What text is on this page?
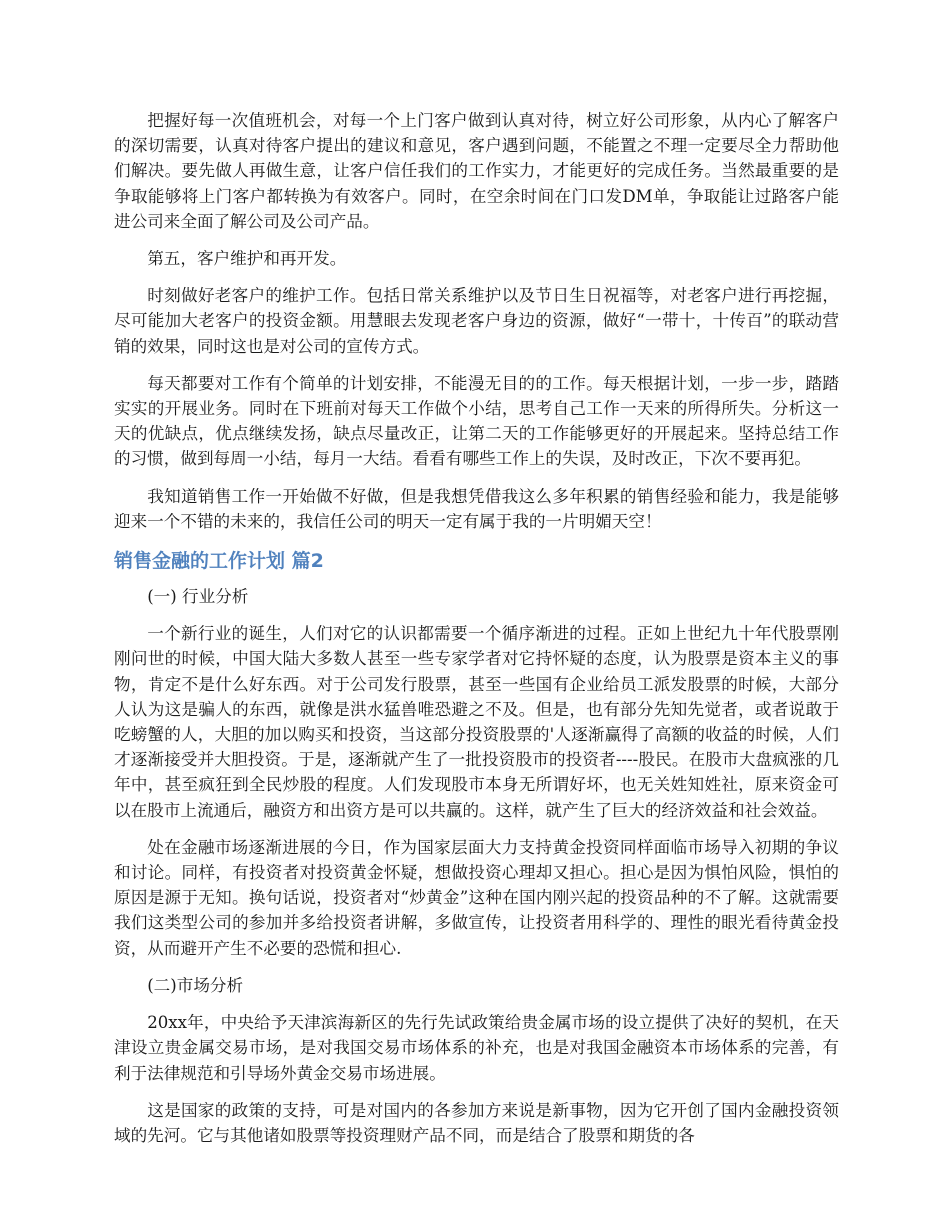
把握好每一次值班机会，对每一个上门客户做到认真对待，树立好公司形象，从内心了解客户的深切需要，认真对待客户提出的建议和意见，客户遇到问题，不能置之不理一定要尽全力帮助他们解决。要先做人再做生意，让客户信任我们的工作实力，才能更好的完成任务。当然最重要的是争取能够将上门客户都转换为有效客户。同时，在空余时间在门口发DM单，争取能让过路客户能进公司来全面了解公司及公司产品。

第五，客户维护和再开发。

时刻做好老客户的维护工作。包括日常关系维护以及节日生日祝福等，对老客户进行再挖掘，尽可能加大老客户的投资金额。用慧眼去发现老客户身边的资源，做好“一带十，十传百”的联动营销的效果，同时这也是对公司的宣传方式。

每天都要对工作有个简单的计划安排，不能漫无目的的工作。每天根据计划，一步一步，踏踏实实的开展业务。同时在下班前对每天工作做个小结，思考自己工作一天来的所得所失。分析这一天的优缺点，优点继续发扬，缺点尽量改正，让第二天的工作能够更好的开展起来。坚持总结工作的习惯，做到每周一小结，每月一大结。看看有哪些工作上的失误，及时改正，下次不要再犯。

我知道销售工作一开始做不好做，但是我想凭借我这么多年积累的销售经验和能力，我是能够迎来一个不错的未来的，我信任公司的明天一定有属于我的一片明媚天空！

销售金融的工作计划 篇2

(一) 行业分析

一个新行业的诞生，人们对它的认识都需要一个循序渐进的过程。正如上世纪九十年代股票刚刚问世的时候，中国大陆大多数人甚至一些专家学者对它持怀疑的态度，认为股票是资本主义的事物，肯定不是什么好东西。对于公司发行股票，甚至一些国有企业给员工派发股票的时候，大部分人认为这是骗人的东西，就像是洪水猛兽唯恐避之不及。但是，也有部分先知先觉者，或者说敢于吃螃蟹的人，大胆的加以购买和投资，当这部分投资股票的'人逐渐赢得了高额的收益的时候，人们才逐渐接受并大胆投资。于是，逐渐就产生了一批投资股市的投资者----股民。在股市大盘疯涨的几年中，甚至疯狂到全民炒股的程度。人们发现股市本身无所谓好坏，也无关姓知姓社，原来资金可以在股市上流通后，融资方和出资方是可以共赢的。这样，就产生了巨大的经济效益和社会效益。

处在金融市场逐渐进展的今日，作为国家层面大力支持黄金投资同样面临市场导入初期的争议和讨论。同样，有投资者对投资黄金怀疑，想做投资心理却又担心。担心是因为惧怕风险，惧怕的原因是源于无知。换句话说，投资者对“炒黄金”这种在国内刚兴起的投资品种的不了解。这就需要我们这类型公司的参加并多给投资者讲解，多做宣传，让投资者用科学的、理性的眼光看待黄金投资，从而避开产生不必要的恐慌和担心.

(二)市场分析

20xx年，中央给予天津滨海新区的先行先试政策给贵金属市场的设立提供了决好的契机，在天津设立贵金属交易市场，是对我国交易市场体系的补充，也是对我国金融资本市场体系的完善，有利于法律规范和引导场外黄金交易市场进展。

这是国家的政策的支持，可是对国内的各参加方来说是新事物，因为它开创了国内金融投资领域的先河。它与其他诸如股票等投资理财产品不同，而是结合了股票和期货的各
